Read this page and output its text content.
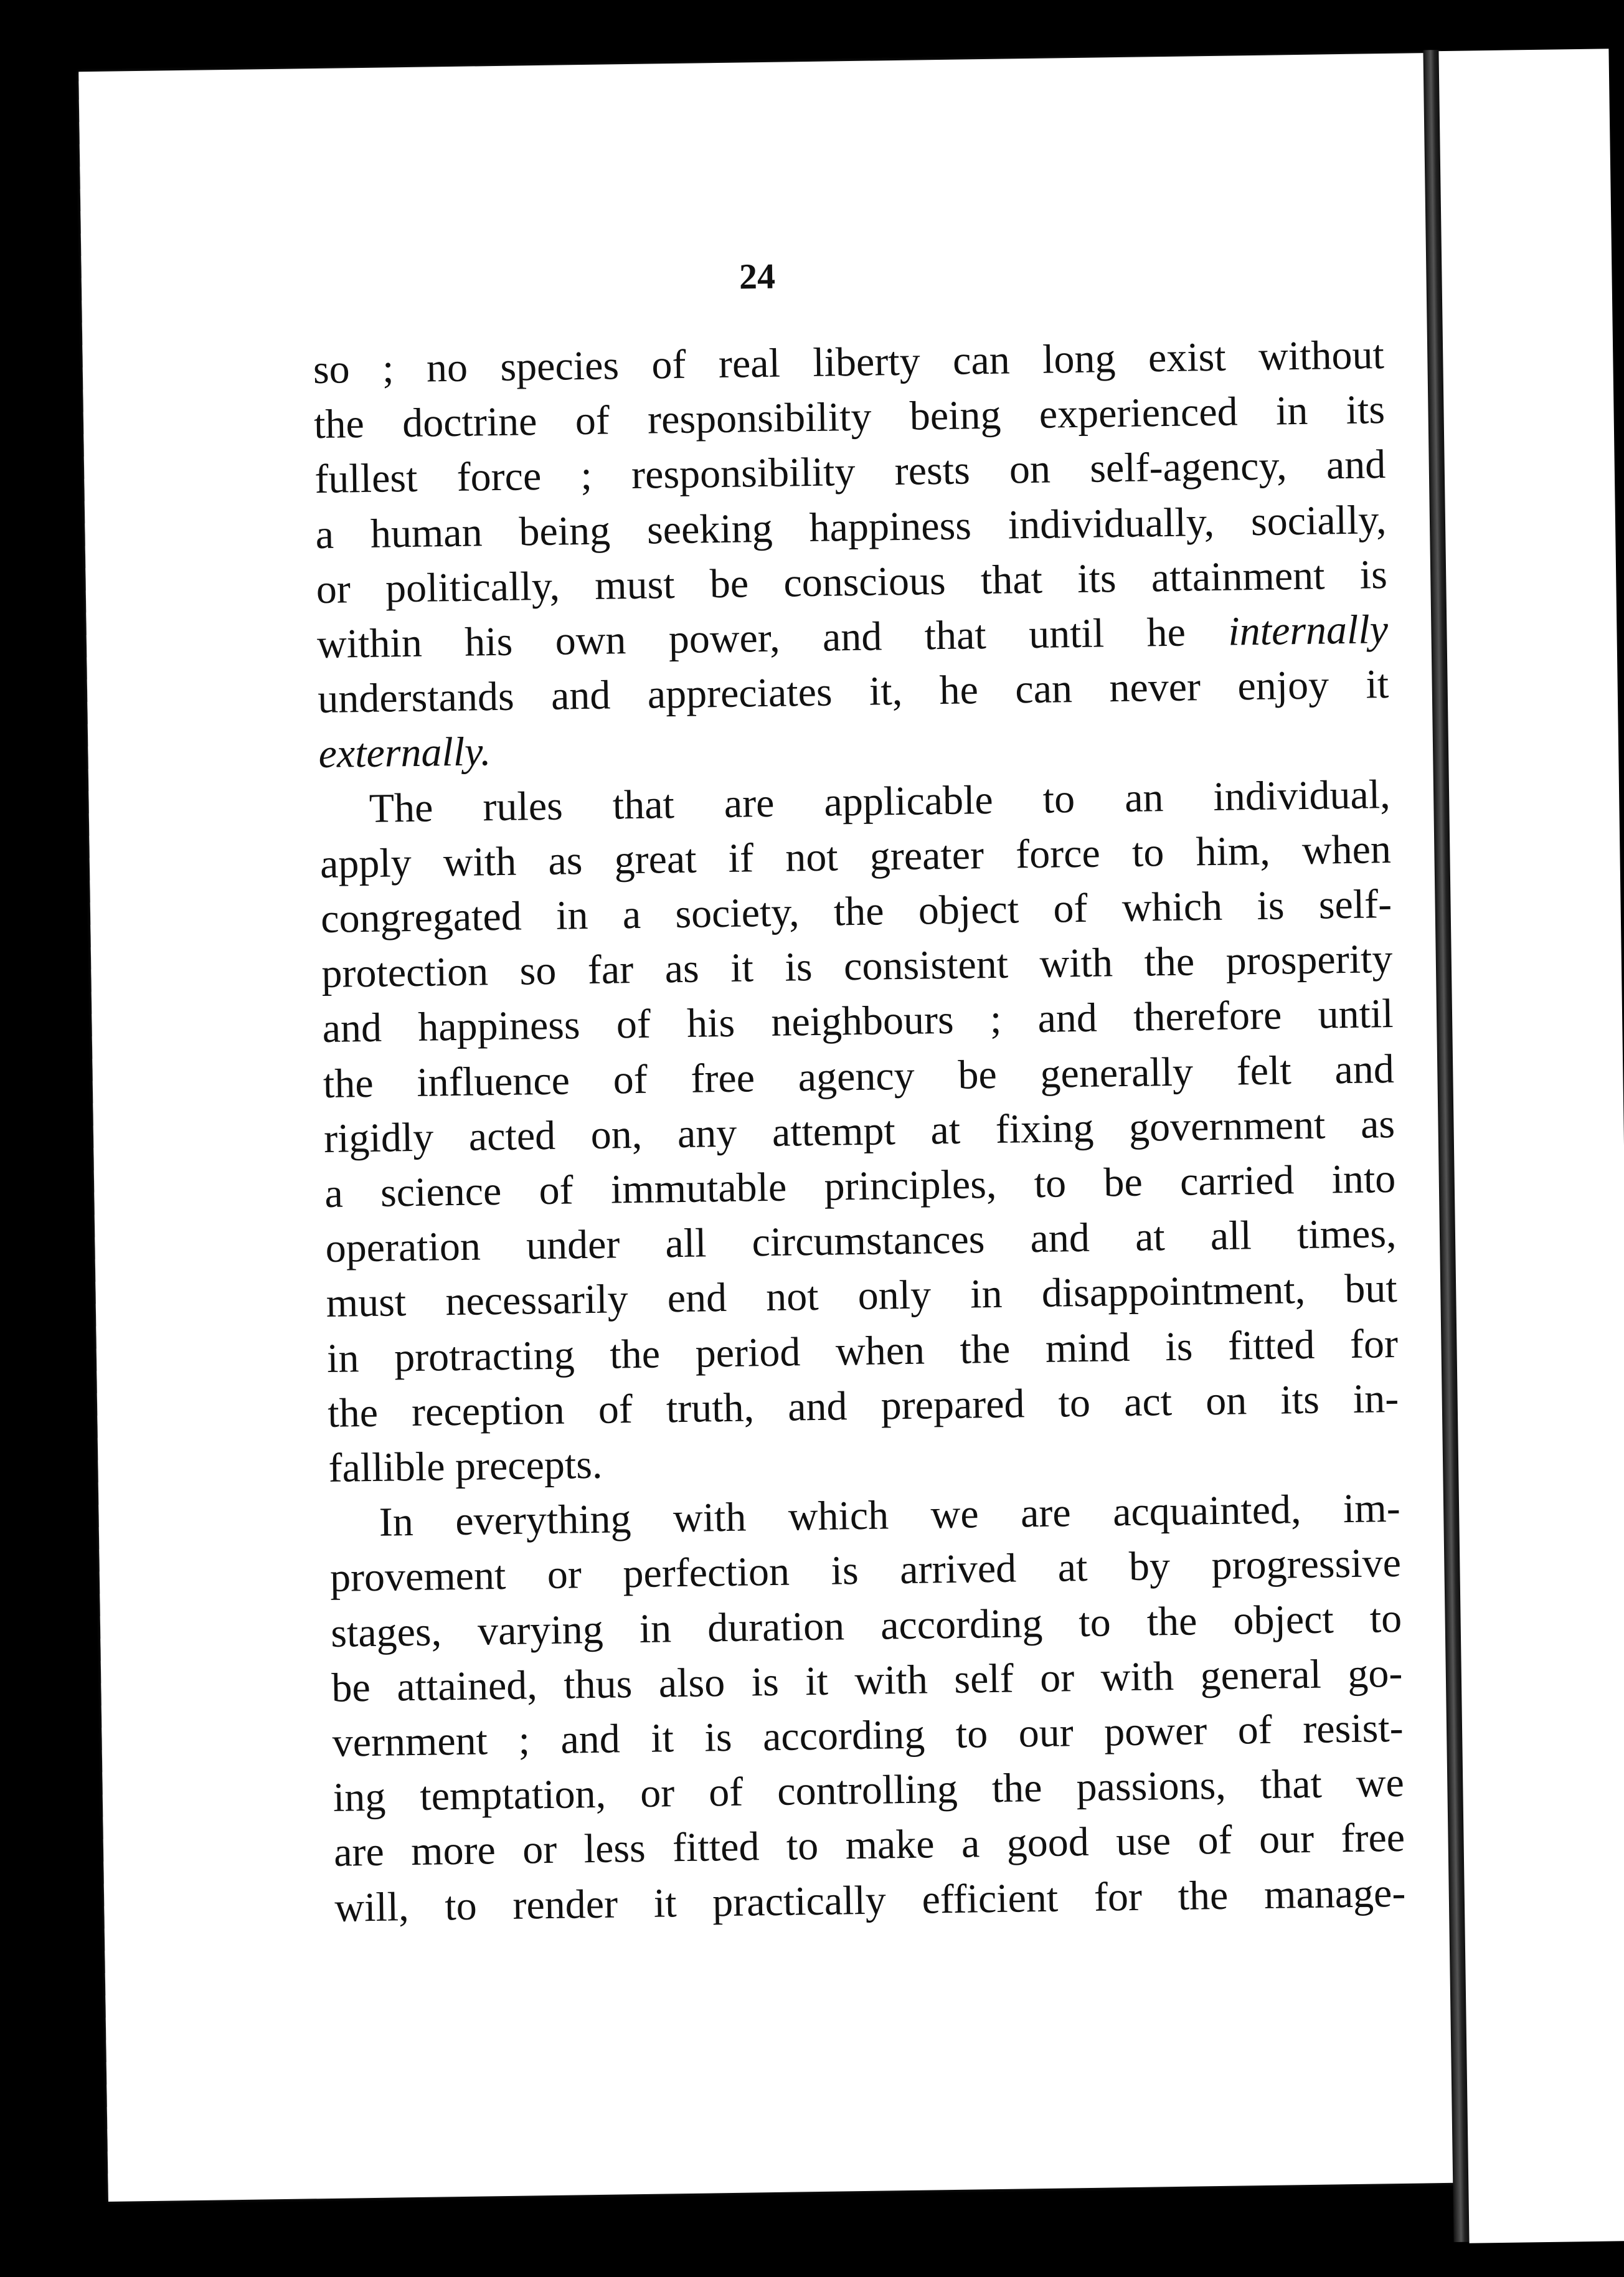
24
so ; no species of real liberty can long exist without
the doctrine of responsibility being experienced in its
fullest force ; responsibility rests on self-agency, and
a human being seeking happiness individually, socially,
or politically, must be conscious that its attainment is
within his own power, and that until he internally
understands and appreciates it, he can never enjoy it
externally.
The rules that are applicable to an individual,
apply with as great if not greater force to him, when
congregated in a society, the object of which is self-
protection so far as it is consistent with the prosperity
and happiness of his neighbours ; and therefore until
the influence of free agency be generally felt and
rigidly acted on, any attempt at fixing government as
a science of immutable principles, to be carried into
operation under all circumstances and at all times,
must necessarily end not only in disappointment, but
in protracting the period when the mind is fitted for
the reception of truth, and prepared to act on its in-
fallible precepts.
In everything with which we are acquainted, im-
provement or perfection is arrived at by progressive
stages, varying in duration according to the object to
be attained, thus also is it with self or with general go-
vernment ; and it is according to our power of resist-
ing temptation, or of controlling the passions, that we
are more or less fitted to make a good use of our free
will, to render it practically efficient for the manage-
